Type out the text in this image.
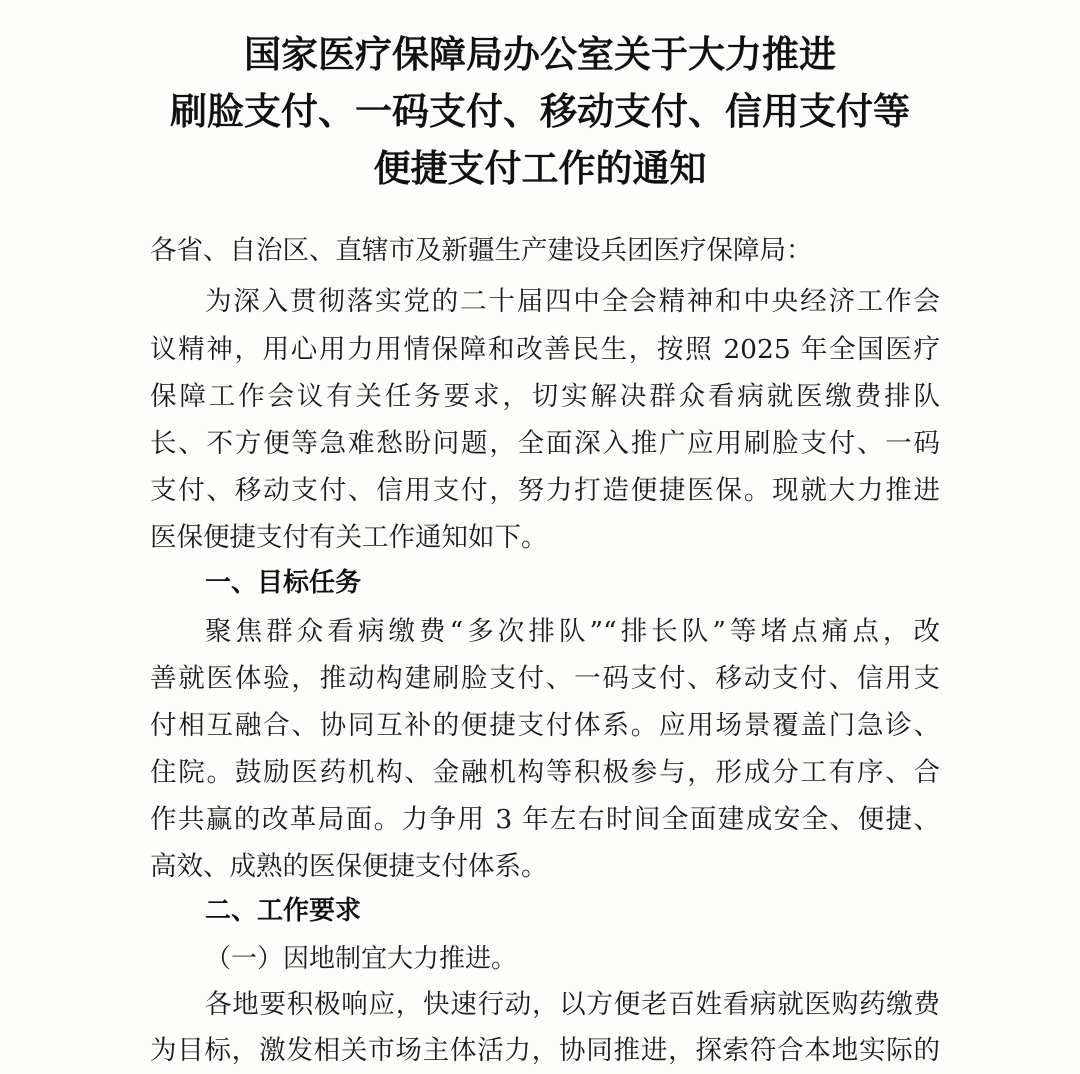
国家医疗保障局办公室关于大力推进
刷脸支付、一码支付、移动支付、信用支付等
便捷支付工作的通知
各省、自治区、直辖市及新疆生产建设兵团医疗保障局：
为深入贯彻落实党的二十届四中全会精神和中央经济工作会
议精神，用心用力用情保障和改善民生，按照 2025 年全国医疗
保障工作会议有关任务要求，切实解决群众看病就医缴费排队
长、不方便等急难愁盼问题，全面深入推广应用刷脸支付、一码
支付、移动支付、信用支付，努力打造便捷医保。现就大力推进
医保便捷支付有关工作通知如下。
一、目标任务
聚焦群众看病缴费“多次排队”“排长队”等堵点痛点，改
善就医体验，推动构建刷脸支付、一码支付、移动支付、信用支
付相互融合、协同互补的便捷支付体系。应用场景覆盖门急诊、
住院。鼓励医药机构、金融机构等积极参与，形成分工有序、合
作共赢的改革局面。力争用 3 年左右时间全面建成安全、便捷、
高效、成熟的医保便捷支付体系。
二、工作要求
（一）因地制宜大力推进。
各地要积极响应，快速行动，以方便老百姓看病就医购药缴费
为目标，激发相关市场主体活力，协同推进，探索符合本地实际的
